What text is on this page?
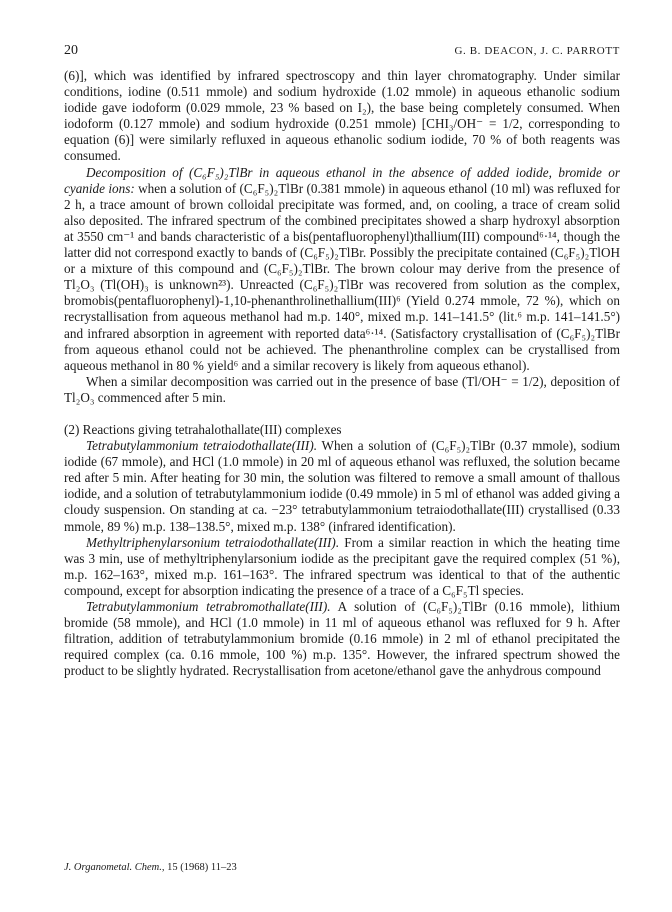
20	G. B. DEACON, J. C. PARROTT

(6)], which was identified by infrared spectroscopy and thin layer chromatography. Under similar conditions, iodine (0.511 mmole) and sodium hydroxide (1.02 mmole) in aqueous ethanolic sodium iodide gave iodoform (0.029 mmole, 23 % based on I₂), the base being completely consumed. When iodoform (0.127 mmole) and sodium hydroxide (0.251 mmole) [CHI₃/OH⁻ = 1/2, corresponding to equation (6)] were similarly refluxed in aqueous ethanolic sodium iodide, 70 % of both reagents was consumed.

Decomposition of (C₆F₅)₂TlBr in aqueous ethanol in the absence of added iodide, bromide or cyanide ions: when a solution of (C₆F₅)₂TlBr (0.381 mmole) in aqueous ethanol (10 ml) was refluxed for 2 h, a trace amount of brown colloidal precipitate was formed, and, on cooling, a trace of cream solid also deposited. The infrared spectrum of the combined precipitates showed a sharp hydroxyl absorption at 3550 cm⁻¹ and bands characteristic of a bis(pentafluorophenyl)thallium(III) compound⁶·¹⁴, though the latter did not correspond exactly to bands of (C₆F₅)₂TlBr. Possibly the precipitate contained (C₆F₅)₂TlOH or a mixture of this compound and (C₆F₅)₂TlBr. The brown colour may derive from the presence of Tl₂O₃ (Tl(OH)₃ is unknown²³). Unreacted (C₆F₅)₂TlBr was recovered from solution as the complex, bromobis(pentafluorophenyl)-1,10-phenanthrolinethallium(III)⁶ (Yield 0.274 mmole, 72 %), which on recrystallisation from aqueous methanol had m.p. 140°, mixed m.p. 141–141.5° (lit.⁶ m.p. 141–141.5°) and infrared absorption in agreement with reported data⁶·¹⁴. (Satisfactory crystallisation of (C₆F₅)₂TlBr from aqueous ethanol could not be achieved. The phenanthroline complex can be crystallised from aqueous methanol in 80 % yield⁶ and a similar recovery is likely from aqueous ethanol).

When a similar decomposition was carried out in the presence of base (Tl/OH⁻ = 1/2), deposition of Tl₂O₃ commenced after 5 min.

(2) Reactions giving tetrahalothallate(III) complexes

Tetrabutylammonium tetraiodothallate(III). When a solution of (C₆F₅)₂TlBr (0.37 mmole), sodium iodide (67 mmole), and HCl (1.0 mmole) in 20 ml of aqueous ethanol was refluxed, the solution became red after 5 min. After heating for 30 min, the solution was filtered to remove a small amount of thallous iodide, and a solution of tetrabutylammonium iodide (0.49 mmole) in 5 ml of ethanol was added giving a cloudy suspension. On standing at ca. −23° tetrabutylammonium tetraiodothallate(III) crystallised (0.33 mmole, 89 %) m.p. 138–138.5°, mixed m.p. 138° (infrared identification).

Methyltriphenylarsonium tetraiodothallate(III). From a similar reaction in which the heating time was 3 min, use of methyltriphenylarsonium iodide as the precipitant gave the required complex (51 %), m.p. 162–163°, mixed m.p. 161–163°. The infrared spectrum was identical to that of the authentic compound, except for absorption indicating the presence of a trace of a C₆F₅Tl species.

Tetrabutylammonium tetrabromothallate(III). A solution of (C₆F₅)₂TlBr (0.16 mmole), lithium bromide (58 mmole), and HCl (1.0 mmole) in 11 ml of aqueous ethanol was refluxed for 9 h. After filtration, addition of tetrabutylammonium bromide (0.16 mmole) in 2 ml of ethanol precipitated the required complex (ca. 0.16 mmole, 100 %) m.p. 135°. However, the infrared spectrum showed the product to be slightly hydrated. Recrystallisation from acetone/ethanol gave the anhydrous compound

J. Organometal. Chem., 15 (1968) 11–23
